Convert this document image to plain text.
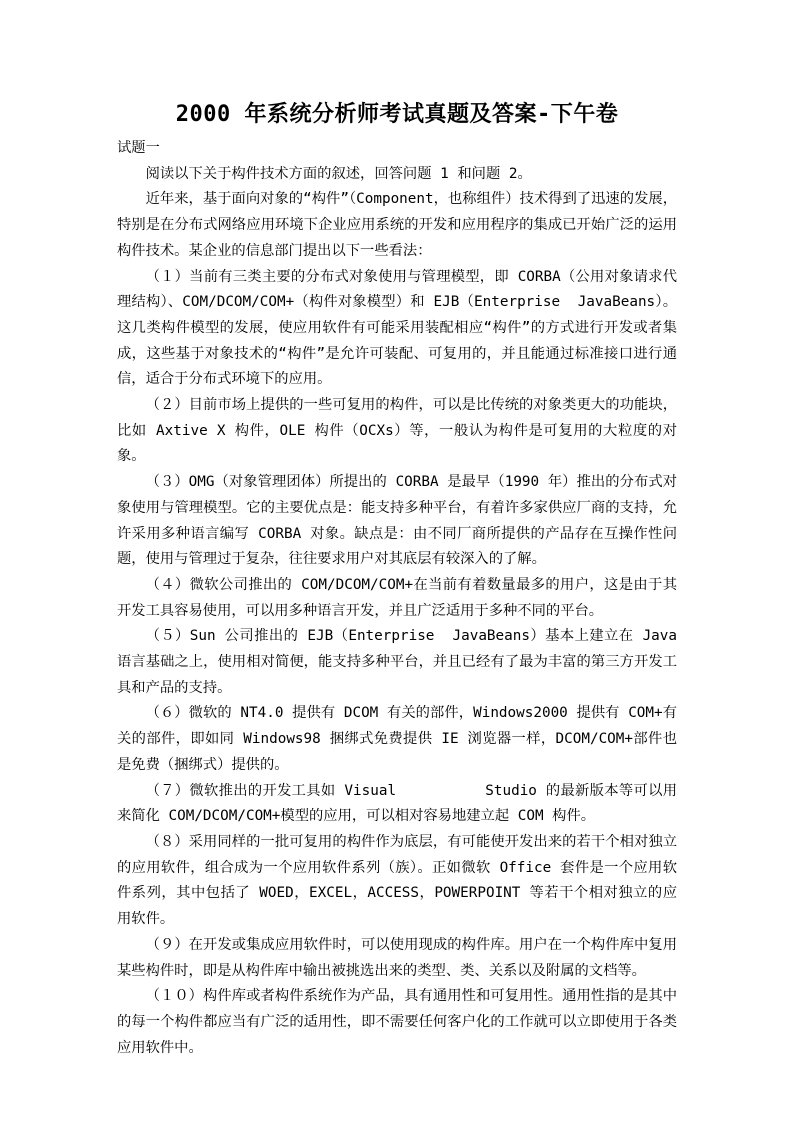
2000 年系统分析师考试真题及答案-下午卷

试题一

阅读以下关于构件技术方面的叙述，回答问题 1 和问题 2。

近年来，基于面向对象的“构件”（Component，也称组件）技术得到了迅速的发展，特别是在分布式网络应用环境下企业应用系统的开发和应用程序的集成已开始广泛的运用构件技术。某企业的信息部门提出以下一些看法：

（１）当前有三类主要的分布式对象使用与管理模型，即 CORBA（公用对象请求代理结构）、COM/DCOM/COM+（构件对象模型）和 EJB（Enterprise  JavaBeans）。这几类构件模型的发展，使应用软件有可能采用装配相应“构件”的方式进行开发或者集成，这些基于对象技术的“构件”是允许可装配、可复用的，并且能通过标准接口进行通信，适合于分布式环境下的应用。

（２）目前市场上提供的一些可复用的构件，可以是比传统的对象类更大的功能块，比如 Axtive X 构件，OLE 构件（OCXs）等，一般认为构件是可复用的大粒度的对象。

（３）OMG（对象管理团体）所提出的 CORBA 是最早（1990 年）推出的分布式对象使用与管理模型。它的主要优点是：能支持多种平台，有着许多家供应厂商的支持，允许采用多种语言编写 CORBA 对象。缺点是：由不同厂商所提供的产品存在互操作性问题，使用与管理过于复杂，往往要求用户对其底层有较深入的了解。

（４）微软公司推出的 COM/DCOM/COM+在当前有着数量最多的用户，这是由于其开发工具容易使用，可以用多种语言开发，并且广泛适用于多种不同的平台。

（５）Sun 公司推出的 EJB（Enterprise  JavaBeans）基本上建立在 Java 语言基础之上，使用相对简便，能支持多种平台，并且已经有了最为丰富的第三方开发工具和产品的支持。

（６）微软的 NT4.0 提供有 DCOM 有关的部件，Windows2000 提供有 COM+有关的部件，即如同 Windows98 捆绑式免费提供 IE 浏览器一样，DCOM/COM+部件也是免费（捆绑式）提供的。

（７）微软推出的开发工具如 Visual          Studio 的最新版本等可以用来简化 COM/DCOM/COM+模型的应用，可以相对容易地建立起 COM 构件。

（８）采用同样的一批可复用的构件作为底层，有可能使开发出来的若干个相对独立的应用软件，组合成为一个应用软件系列（族）。正如微软 Office 套件是一个应用软件系列，其中包括了 WOED，EXCEL，ACCESS，POWERPOINT 等若干个相对独立的应用软件。

（９）在开发或集成应用软件时，可以使用现成的构件库。用户在一个构件库中复用某些构件时，即是从构件库中输出被挑选出来的类型、类、关系以及附属的文档等。

（１０）构件库或者构件系统作为产品，具有通用性和可复用性。通用性指的是其中的每一个构件都应当有广泛的适用性，即不需要任何客户化的工作就可以立即使用于各类应用软件中。
